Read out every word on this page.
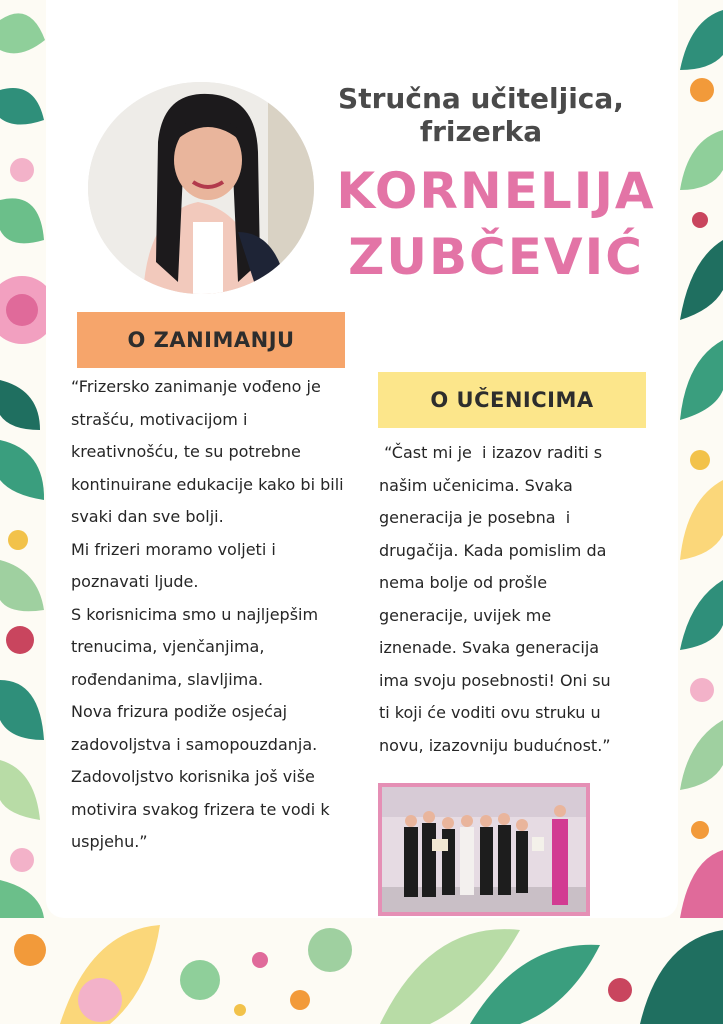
Stručna učiteljica,
frizerka
KORNELIJA
ZUBČEVIĆ
O ZANIMANJU
“Frizersko zanimanje vođeno je
strašću, motivacijom i
kreativnošću, te su potrebne
kontinuirane edukacije kako bi bili
svaki dan sve bolji.
Mi frizeri moramo voljeti i
poznavati ljude.
S korisnicima smo u najljepšim
trenucima, vjenčanjima,
rođendanima, slavljima.
Nova frizura podiže osjećaj
zadovoljstva i samopouzdanja.
Zadovoljstvo korisnika još više
motivira svakog frizera te vodi k
uspjehu.”
O UČENICIMA
“Čast mi je  i izazov raditi s
našim učenicima. Svaka
generacija je posebna  i
drugačija. Kada pomislim da
nema bolje od prošle
generacije, uvijek me
iznenade. Svaka generacija
ima svoju posebnosti! Oni su
ti koji će voditi ovu struku u
novu, izazovniju budućnost.”
